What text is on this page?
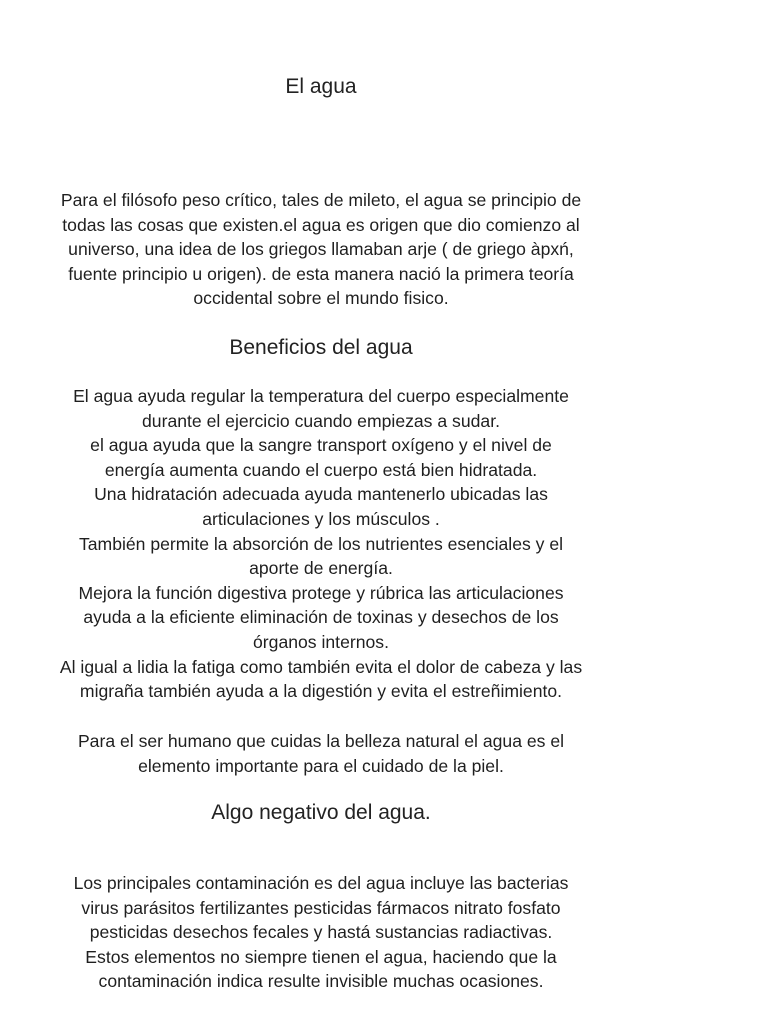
El agua
Para el filósofo peso crítico, tales de mileto, el agua se principio de
todas las cosas que existen.el agua es origen que dio comienzo al
universo, una idea de los griegos llamaban arje ( de griego àpxń,
fuente principio u origen). de esta manera nació la primera teoría
occidental sobre el mundo fisico.
Beneficios del agua
El agua ayuda regular la temperatura del cuerpo especialmente
durante el ejercicio cuando empiezas a sudar.
el agua ayuda que la sangre transport oxígeno y el nivel de
energía aumenta cuando el cuerpo está bien hidratada.
Una hidratación adecuada ayuda mantenerlo ubicadas las
articulaciones y los músculos .
También permite la absorción de los nutrientes esenciales y el
aporte de energía.
Mejora la función digestiva protege y rúbrica las articulaciones
ayuda a la eficiente eliminación de toxinas y desechos de los
órganos internos.
Al igual a lidia la fatiga como también evita el dolor de cabeza y las
migraña también ayuda a la digestión y evita el estreñimiento.
Para el ser humano que cuidas la belleza natural el agua es el
elemento importante para el cuidado de la piel.
Algo negativo del agua.
Los principales contaminación es del agua incluye las bacterias
virus parásitos fertilizantes pesticidas fármacos nitrato fosfato
pesticidas desechos fecales y hastá sustancias radiactivas.
Estos elementos no siempre tienen el agua, haciendo que la
contaminación indica resulte invisible muchas ocasiones.
